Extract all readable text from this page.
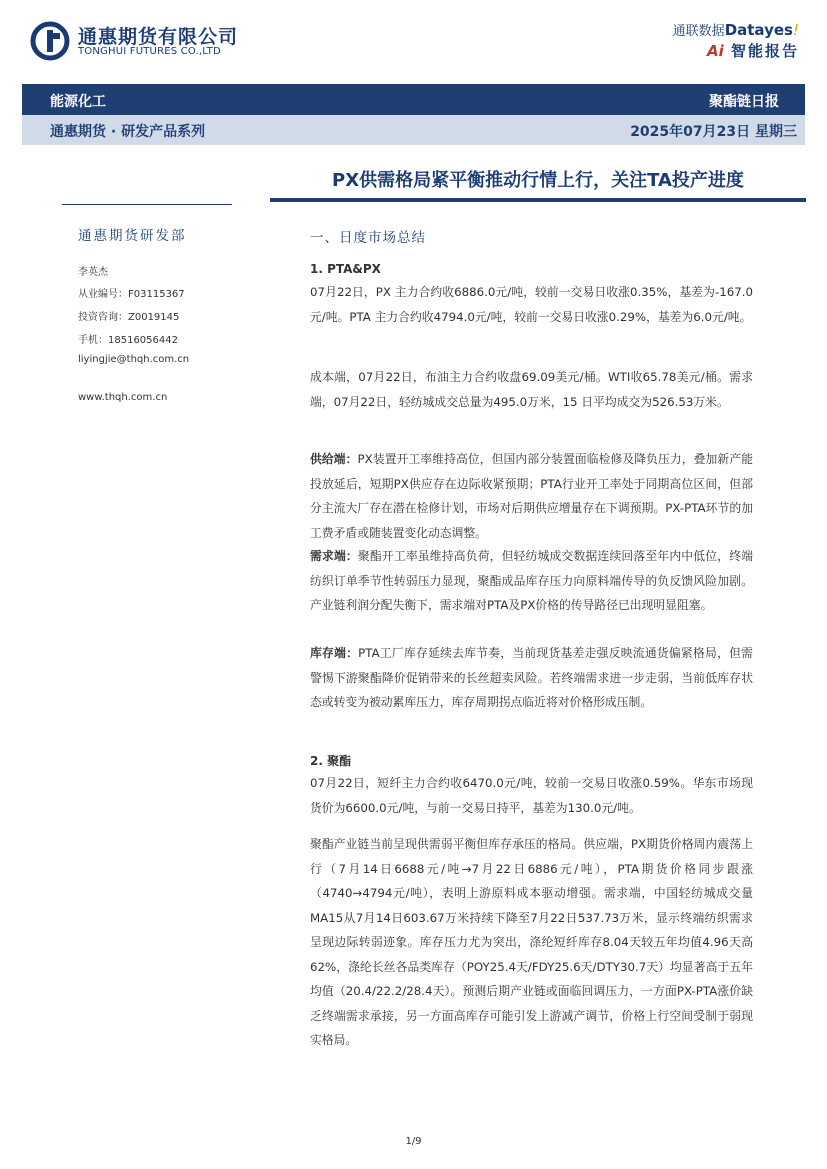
通惠期货有限公司
TONGHUI FUTURES CO.,LTD
通联数据Datayes!
Ai 智能报告
能源化工	聚酯链日报
通惠期货 · 研发产品系列	2025年07月23日 星期三
PX供需格局紧平衡推动行情上行，关注TA投产进度
通惠期货研发部
李英杰
从业编号：F03115367
投资咨询：Z0019145
手机：18516056442
liyingjie@thqh.com.cn
www.thqh.com.cn
一、日度市场总结
1. PTA&PX
07月22日，PX 主力合约收6886.0元/吨，较前一交易日收涨0.35%，基差为-167.0元/吨。PTA 主力合约收4794.0元/吨，较前一交易日收涨0.29%，基差为6.0元/吨。
成本端，07月22日，布油主力合约收盘69.09美元/桶。WTI收65.78美元/桶。需求端，07月22日，轻纺城成交总量为495.0万米，15 日平均成交为526.53万米。
供给端：PX装置开工率维持高位，但国内部分装置面临检修及降负压力，叠加新产能投放延后，短期PX供应存在边际收紧预期；PTA行业开工率处于同期高位区间，但部分主流大厂存在潜在检修计划，市场对后期供应增量存在下调预期。PX-PTA环节的加工费矛盾或随装置变化动态调整。
需求端：聚酯开工率虽维持高负荷，但轻纺城成交数据连续回落至年内中低位，终端纺织订单季节性转弱压力显现，聚酯成品库存压力向原料端传导的负反馈风险加剧。产业链利润分配失衡下，需求端对PTA及PX价格的传导路径已出现明显阻塞。
库存端：PTA工厂库存延续去库节奏，当前现货基差走强反映流通货偏紧格局，但需警惕下游聚酯降价促销带来的长丝超卖风险。若终端需求进一步走弱，当前低库存状态或转变为被动累库压力，库存周期拐点临近将对价格形成压制。
2. 聚酯
07月22日，短纤主力合约收6470.0元/吨，较前一交易日收涨0.59%。华东市场现货价为6600.0元/吨，与前一交易日持平，基差为130.0元/吨。
聚酯产业链当前呈现供需弱平衡但库存承压的格局。供应端，PX期货价格周内震荡上行（7月14日6688元/吨→7月22日6886元/吨），PTA期货价格同步跟涨（4740→4794元/吨），表明上游原料成本驱动增强。需求端，中国轻纺城成交量MA15从7月14日603.67万米持续下降至7月22日537.73万米，显示终端纺织需求呈现边际转弱迹象。库存压力尤为突出，涤纶短纤库存8.04天较五年均值4.96天高62%，涤纶长丝各品类库存（POY25.4天/FDY25.6天/DTY30.7天）均显著高于五年均值（20.4/22.2/28.4天）。预测后期产业链或面临回调压力，一方面PX-PTA涨价缺乏终端需求承接，另一方面高库存可能引发上游减产调节，价格上行空间受制于弱现实格局。
1/9
